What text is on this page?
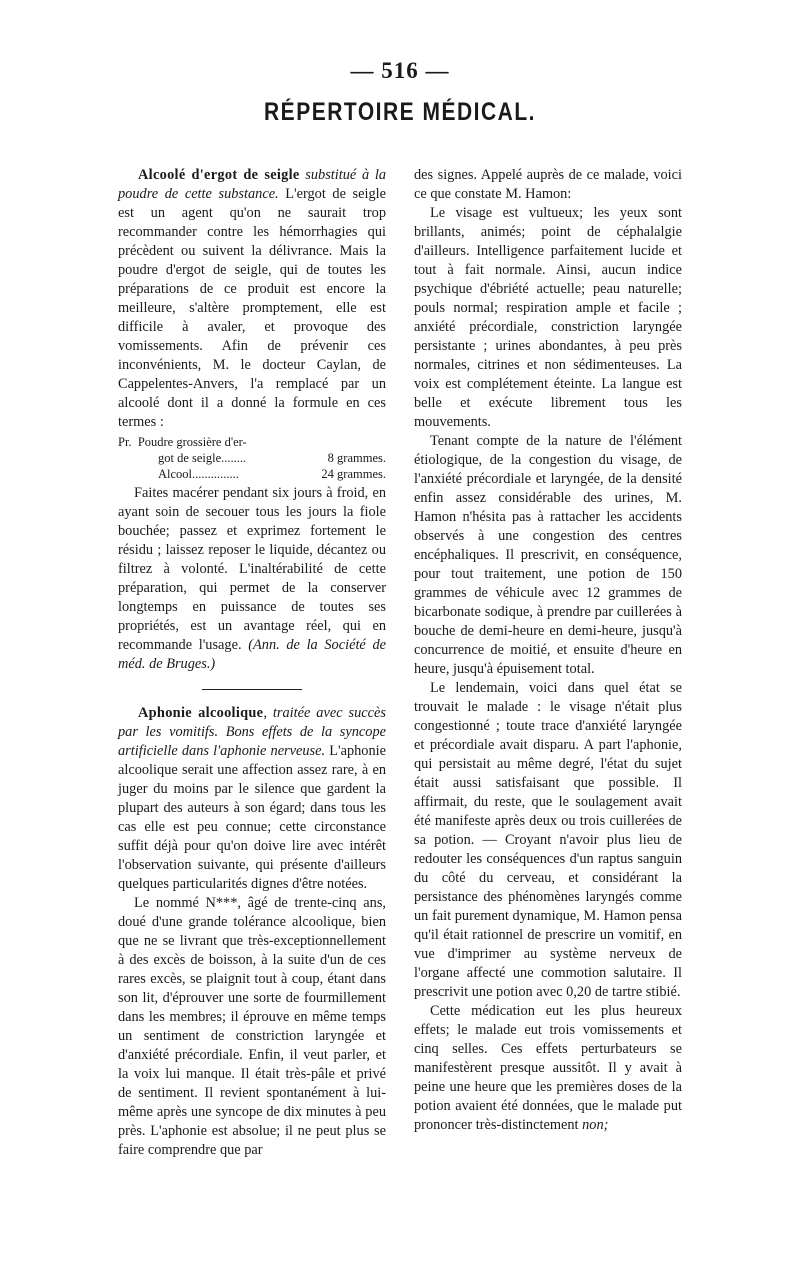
— 516 —
RÉPERTOIRE MÉDICAL.

Alcoolé d'ergot de seigle substitué à la poudre de cette substance. L'ergot de seigle est un agent qu'on ne saurait trop recommander contre les hémorrhagies qui précèdent ou suivent la délivrance. Mais la poudre d'ergot de seigle, qui de toutes les préparations de ce produit est encore la meilleure, s'altère promptement, elle est difficile à avaler, et provoque des vomissements. Afin de prévenir ces inconvénients, M. le docteur Caylan, de Cappelentes-Anvers, l'a remplacé par un alcoolé dont il a donné la formule en ces termes :

Pr. Poudre grossière d'er-
got de seigle........	8 grammes.
Alcool...............	24 grammes.

Faites macérer pendant six jours à froid, en ayant soin de secouer tous les jours la fiole bouchée; passez et exprimez fortement le résidu ; laissez reposer le liquide, décantez ou filtrez à volonté. L'inaltérabilité de cette préparation, qui permet de la conserver longtemps en puissance de toutes ses propriétés, est un avantage réel, qui en recommande l'usage. (Ann. de la Société de méd. de Bruges.)

Aphonie alcoolique, traitée avec succès par les vomitifs. Bons effets de la syncope artificielle dans l'aphonie nerveuse. L'aphonie alcoolique serait une affection assez rare, à en juger du moins par le silence que gardent la plupart des auteurs à son égard; dans tous les cas elle est peu connue; cette circonstance suffit déjà pour qu'on doive lire avec intérêt l'observation suivante, qui présente d'ailleurs quelques particularités dignes d'être notées.

Le nommé N***, âgé de trente-cinq ans, doué d'une grande tolérance alcoolique, bien que ne se livrant que très-exceptionnellement à des excès de boisson, à la suite d'un de ces rares excès, se plaignit tout à coup, étant dans son lit, d'éprouver une sorte de fourmillement dans les membres; il éprouve en même temps un sentiment de constriction laryngée et d'anxiété précordiale. Enfin, il veut parler, et la voix lui manque. Il était très-pâle et privé de sentiment. Il revient spontanément à lui-même après une syncope de dix minutes à peu près. L'aphonie est absolue; il ne peut plus se faire comprendre que par

des signes. Appelé auprès de ce malade, voici ce que constate M. Hamon:

Le visage est vultueux; les yeux sont brillants, animés; point de céphalalgie d'ailleurs. Intelligence parfaitement lucide et tout à fait normale. Ainsi, aucun indice psychique d'ébriété actuelle; peau naturelle; pouls normal; respiration ample et facile ; anxiété précordiale, constriction laryngée persistante ; urines abondantes, à peu près normales, citrines et non sédimenteuses. La voix est complétement éteinte. La langue est belle et exécute librement tous les mouvements.

Tenant compte de la nature de l'élément étiologique, de la congestion du visage, de l'anxiété précordiale et laryngée, de la densité enfin assez considérable des urines, M. Hamon n'hésita pas à rattacher les accidents observés à une congestion des centres encéphaliques. Il prescrivit, en conséquence, pour tout traitement, une potion de 150 grammes de véhicule avec 12 grammes de bicarbonate sodique, à prendre par cuillerées à bouche de demi-heure en demi-heure, jusqu'à concurrence de moitié, et ensuite d'heure en heure, jusqu'à épuisement total.

Le lendemain, voici dans quel état se trouvait le malade : le visage n'était plus congestionné ; toute trace d'anxiété laryngée et précordiale avait disparu. A part l'aphonie, qui persistait au même degré, l'état du sujet était aussi satisfaisant que possible. Il affirmait, du reste, que le soulagement avait été manifeste après deux ou trois cuillerées de sa potion. — Croyant n'avoir plus lieu de redouter les conséquences d'un raptus sanguin du côté du cerveau, et considérant la persistance des phénomènes laryngés comme un fait purement dynamique, M. Hamon pensa qu'il était rationnel de prescrire un vomitif, en vue d'imprimer au système nerveux de l'organe affecté une commotion salutaire. Il prescrivit une potion avec 0,20 de tartre stibié.

Cette médication eut les plus heureux effets; le malade eut trois vomissements et cinq selles. Ces effets perturbateurs se manifestèrent presque aussitôt. Il y avait à peine une heure que les premières doses de la potion avaient été données, que le malade put prononcer très-distinctement non;
